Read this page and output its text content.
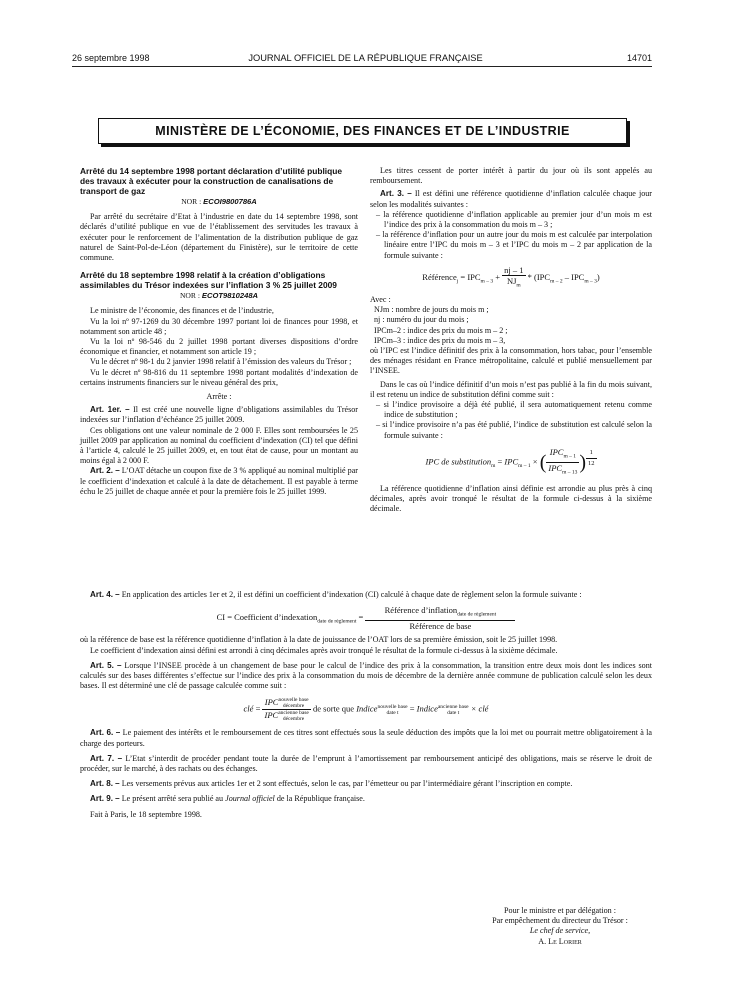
26 septembre 1998	JOURNAL OFFICIEL DE LA RÉPUBLIQUE FRANÇAISE	14701
MINISTÈRE DE L’ÉCONOMIE, DES FINANCES ET DE L’INDUSTRIE

Arrêté du 14 septembre 1998 portant déclaration d’utilité publique des travaux à exécuter pour la construction de canalisations de transport de gaz

NOR : ECOI9800786A

Par arrêté du secrétaire d’Etat à l’industrie en date du 14 septembre 1998, sont déclarés d’utilité publique en vue de l’établissement des servitudes les travaux à exécuter pour le renforcement de l’alimentation de la distribution publique de gaz naturel de Saint-Pol-de-Léon (département du Finistère), sur le territoire de cette commune.

Arrêté du 18 septembre 1998 relatif à la création d’obligations assimilables du Trésor indexées sur l’inflation 3 % 25 juillet 2009

NOR : ECOT9810248A

Le ministre de l’économie, des finances et de l’industrie,

Vu la loi nº 97-1269 du 30 décembre 1997 portant loi de finances pour 1998, et notamment son article 48 ;

Vu la loi nº 98-546 du 2 juillet 1998 portant diverses dispositions d’ordre économique et financier, et notamment son article 19 ;

Vu le décret nº 98-1 du 2 janvier 1998 relatif à l’émission des valeurs du Trésor ;

Vu le décret nº 98-816 du 11 septembre 1998 portant modalités d’indexation de certains instruments financiers sur le niveau général des prix,

Arrête :

Art. 1er. – Il est créé une nouvelle ligne d’obligations assimilables du Trésor indexées sur l’inflation d’échéance 25 juillet 2009.

Ces obligations ont une valeur nominale de 2 000 F. Elles sont remboursées le 25 juillet 2009 par application au nominal du coefficient d’indexation (CI) tel que défini à l’article 4, calculé le 25 juillet 2009, et, en tout état de cause, pour un montant au moins égal à 2 000 F.

Art. 2. – L’OAT détache un coupon fixe de 3 % appliqué au nominal multiplié par le coefficient d’indexation et calculé à la date de détachement. Il est payable à terme échu le 25 juillet de chaque année et pour la première fois le 25 juillet 1999.

Les titres cessent de porter intérêt à partir du jour où ils sont appelés au remboursement.

Art. 3. – Il est défini une référence quotidienne d’inflation calculée chaque jour selon les modalités suivantes :

– la référence quotidienne d’inflation applicable au premier jour d’un mois m est l’indice des prix à la consommation du mois m – 3 ;

– la référence d’inflation pour un autre jour du mois m est calculée par interpolation linéaire entre l’IPC du mois m – 3 et l’IPC du mois m – 2 par application de la formule suivante :

Référence$_j$ = $IPC_{m - 3} + \frac{nj - 1}{NJ_m} * (IPC_{m - 2} - IPC_{m - 3})$

Avec :

NJm : nombre de jours du mois m ;

nj : numéro du jour du mois ;

IPCm–2 : indice des prix du mois m – 2 ;

IPCm–3 : indice des prix du mois m – 3,

où l’IPC est l’indice définitif des prix à la consommation, hors tabac, pour l’ensemble des ménages résidant en France métropolitaine, calculé et publié mensuellement par l’INSEE.

Dans le cas où l’indice définitif d’un mois n’est pas publié à la fin du mois suivant, il est retenu un indice de substitution défini comme suit :

– si l’indice provisoire a déjà été publié, il sera automatiquement retenu comme indice de substitution ;

– si l’indice provisoire n’a pas été publié, l’indice de substitution est calculé selon la formule suivante :

IPC de substitution$_m$ = $IPC_{m - 1}$ × ( $\frac{IPC_{m - 1}}{IPC_{m - 13}}$ ) $^{\frac{1}{12}}$

La référence quotidienne d’inflation ainsi définie est arrondie au plus près à cinq décimales, après avoir tronqué le résultat de la formule ci-dessus à la sixième décimale.

Art. 4. – En application des articles 1er et 2, il est défini un coefficient d’indexation (CI) calculé à chaque date de règlement selon la formule suivante :

CI = Coefficient d’indexation$_{date de règlement}$ = $\frac{Référence d’inflation_{date de règlement}}{\text{Référence de base}}$

où la référence de base est la référence quotidienne d’inflation à la date de jouissance de l’OAT lors de sa première émission, soit le 25 juillet 1998.

Le coefficient d’indexation ainsi défini est arrondi à cinq décimales après avoir tronqué le résultat de la formule ci-dessus à la sixième décimale.

Art. 5. – Lorsque l’INSEE procède à un changement de base pour le calcul de l’indice des prix à la consommation, la transition entre deux mois dont les indices sont calculés sur des bases différentes s’effectue sur l’indice des prix à la consommation du mois de décembre de la dernière année commune de publication calculé selon les deux bases. Il est déterminé une clé de passage calculée comme suit :

clé = IPC nouvelle base
décembre
IPC ancienne base
décembre de sorte que Indice nouvelle base
date t	= Indice ancienne base
date t	× clé

Art. 6. – Le paiement des intérêts et le remboursement de ces titres sont effectués sous la seule déduction des impôts que la loi met ou pourrait mettre obligatoirement à la charge des porteurs.

Art. 7. – L’Etat s’interdit de procéder pendant toute la durée de l’emprunt à l’amortissement par remboursement anticipé des obligations, mais se réserve le droit de procéder, sur le marché, à des rachats ou des échanges.

Art. 8. – Les versements prévus aux articles 1er et 2 sont effectués, selon le cas, par l’émetteur ou par l’intermédiaire gérant l’inscription en compte.

Art. 9. – Le présent arrêté sera publié au Journal officiel de la République française.

Fait à Paris, le 18 septembre 1998.

Pour le ministre et par délégation :

Par empêchement du directeur du Trésor :

Le chef de service,

A. Le Lorier
